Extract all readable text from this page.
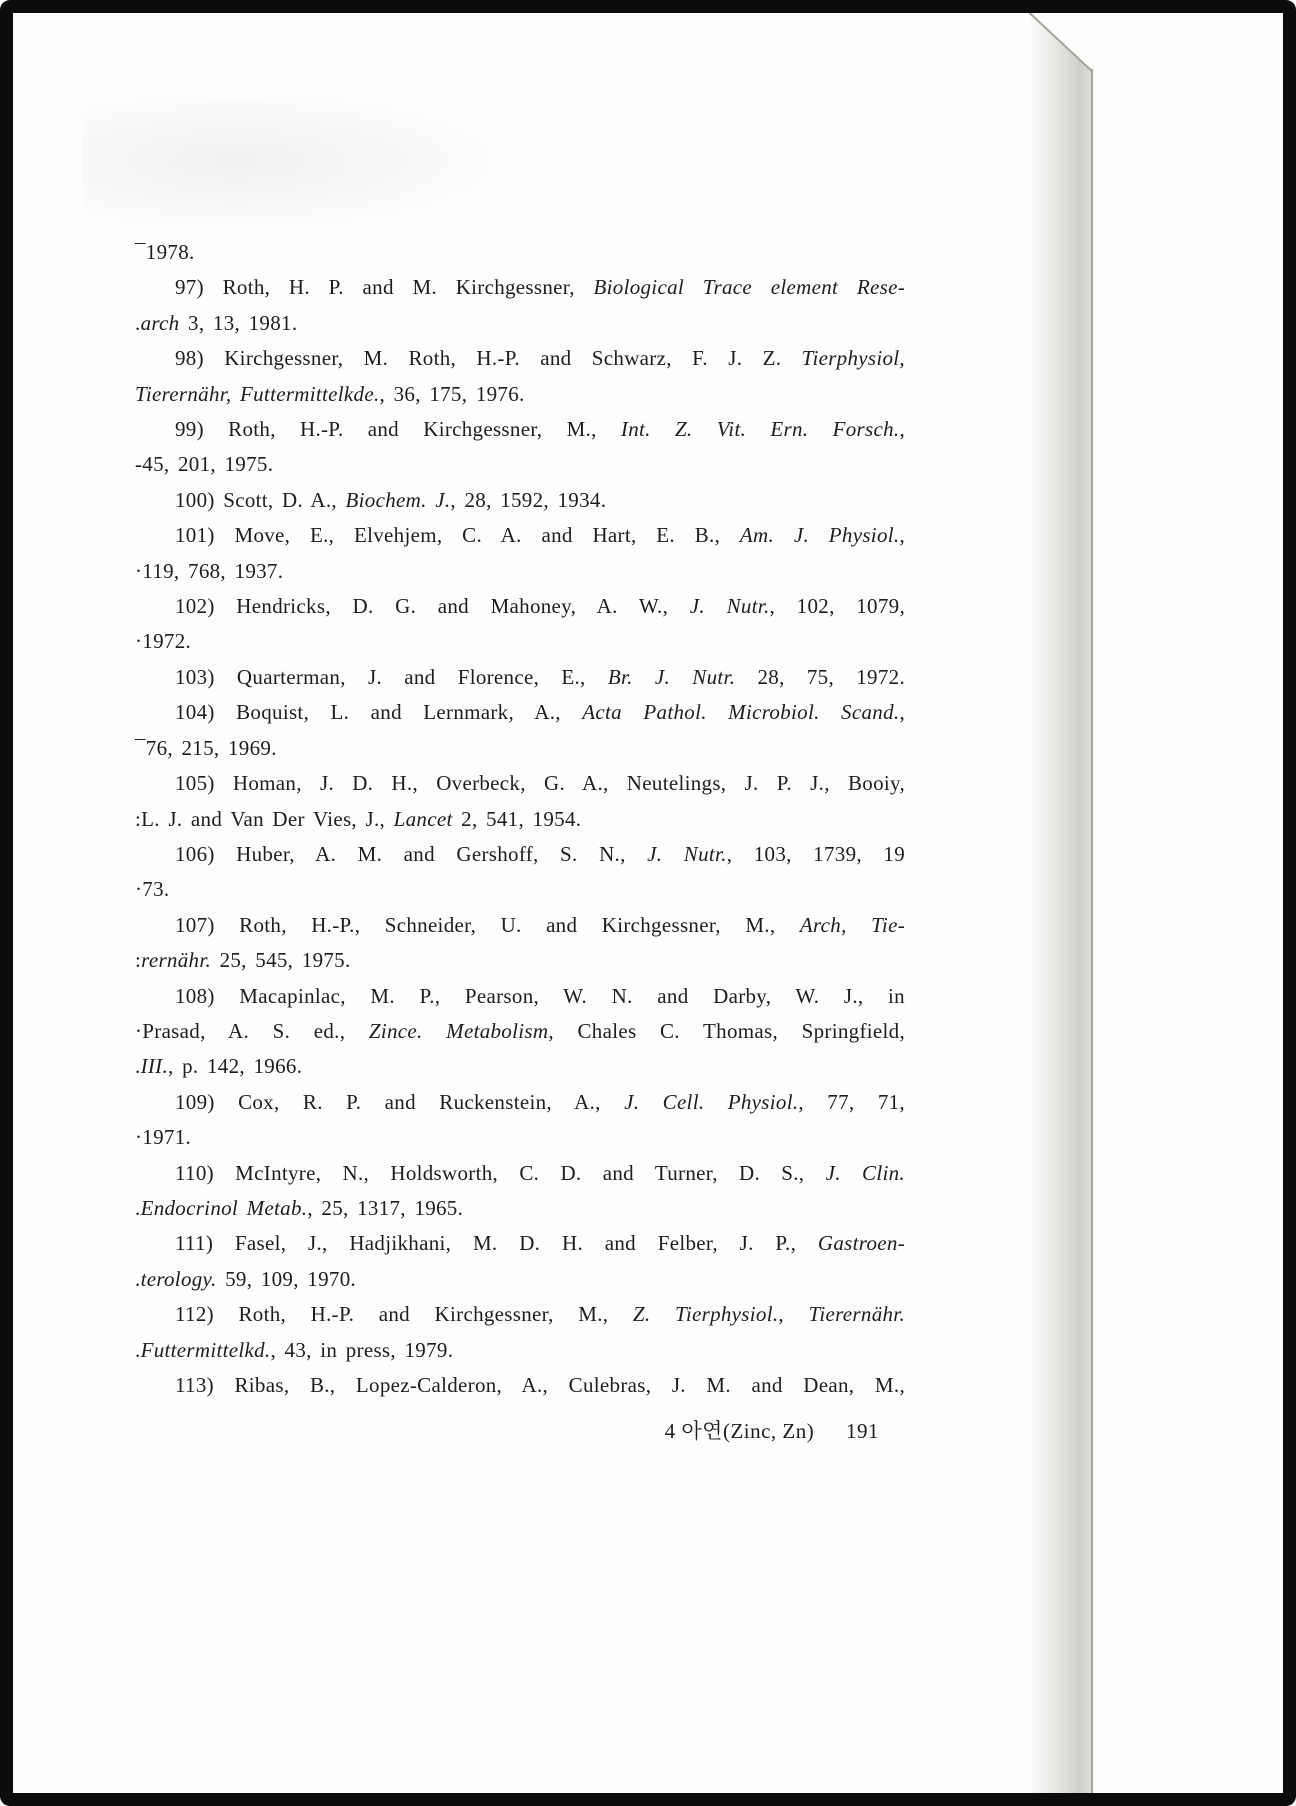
¯1978.
97) Roth, H. P. and M. Kirchgessner, Biological Trace element Rese-
.arch 3, 13, 1981.
98) Kirchgessner, M. Roth, H.-P. and Schwarz, F. J. Z. Tierphysiol,
Tierernähr, Futtermittelkde., 36, 175, 1976.
99) Roth, H.-P. and Kirchgessner, M., Int. Z. Vit. Ern. Forsch.,
-45, 201, 1975.
100) Scott, D. A., Biochem. J., 28, 1592, 1934.
101) Move, E., Elvehjem, C. A. and Hart, E. B., Am. J. Physiol.,
·119, 768, 1937.
102) Hendricks, D. G. and Mahoney, A. W., J. Nutr., 102, 1079,
·1972.
103) Quarterman, J. and Florence, E., Br. J. Nutr. 28, 75, 1972.
104) Boquist, L. and Lernmark, A., Acta Pathol. Microbiol. Scand.,
¯76, 215, 1969.
105) Homan, J. D. H., Overbeck, G. A., Neutelings, J. P. J., Booiy,
:L. J. and Van Der Vies, J., Lancet 2, 541, 1954.
106) Huber, A. M. and Gershoff, S. N., J. Nutr., 103, 1739, 19
·73.
107) Roth, H.-P., Schneider, U. and Kirchgessner, M., Arch, Tie-
:rernähr. 25, 545, 1975.
108) Macapinlac, M. P., Pearson, W. N. and Darby, W. J., in
·Prasad, A. S. ed., Zince. Metabolism, Chales C. Thomas, Springfield,
.III., p. 142, 1966.
109) Cox, R. P. and Ruckenstein, A., J. Cell. Physiol., 77, 71,
·1971.
110) McIntyre, N., Holdsworth, C. D. and Turner, D. S., J. Clin.
.Endocrinol Metab., 25, 1317, 1965.
111) Fasel, J., Hadjikhani, M. D. H. and Felber, J. P., Gastroen-
.terology. 59, 109, 1970.
112) Roth, H.-P. and Kirchgessner, M., Z. Tierphysiol., Tierernähr.
.Futtermittelkd., 43, in press, 1979.
113) Ribas, B., Lopez-Calderon, A., Culebras, J. M. and Dean, M.,
4 아연(Zinc, Zn) 191
